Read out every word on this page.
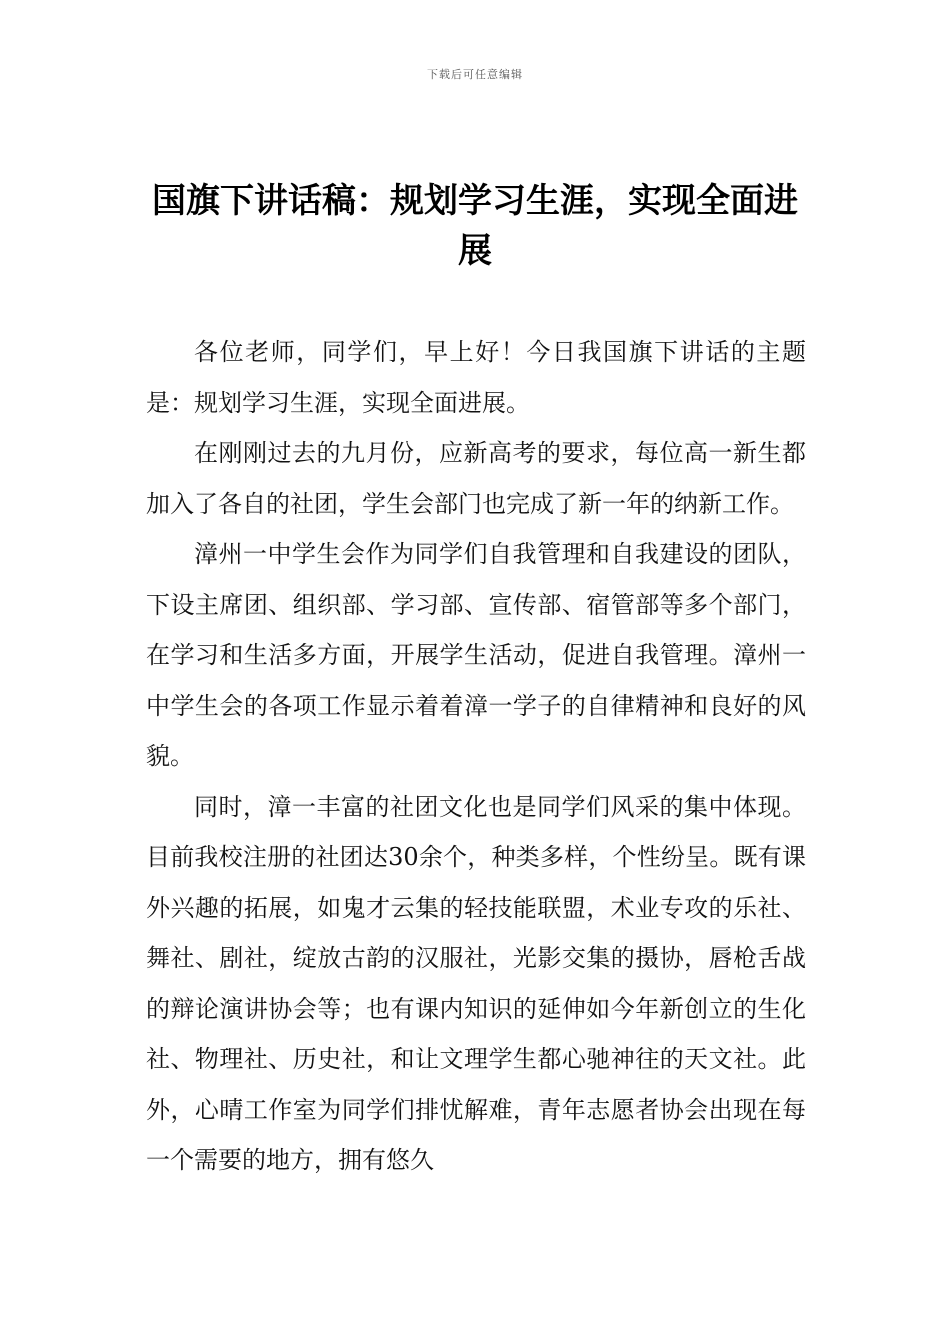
下载后可任意编辑
国旗下讲话稿：规划学习生涯，实现全面进展

各位老师，同学们，早上好！今日我国旗下讲话的主题是：规划学习生涯，实现全面进展。

在刚刚过去的九月份，应新高考的要求，每位高一新生都加入了各自的社团，学生会部门也完成了新一年的纳新工作。

漳州一中学生会作为同学们自我管理和自我建设的团队，下设主席团、组织部、学习部、宣传部、宿管部等多个部门，在学习和生活多方面，开展学生活动，促进自我管理。漳州一中学生会的各项工作显示着着漳一学子的自律精神和良好的风貌。

同时，漳一丰富的社团文化也是同学们风采的集中体现。目前我校注册的社团达30余个，种类多样，个性纷呈。既有课外兴趣的拓展，如鬼才云集的轻技能联盟，术业专攻的乐社、舞社、剧社，绽放古韵的汉服社，光影交集的摄协，唇枪舌战的辩论演讲协会等；也有课内知识的延伸如今年新创立的生化社、物理社、历史社，和让文理学生都心驰神往的天文社。此外，心晴工作室为同学们排忧解难，青年志愿者协会出现在每一个需要的地方，拥有悠久
